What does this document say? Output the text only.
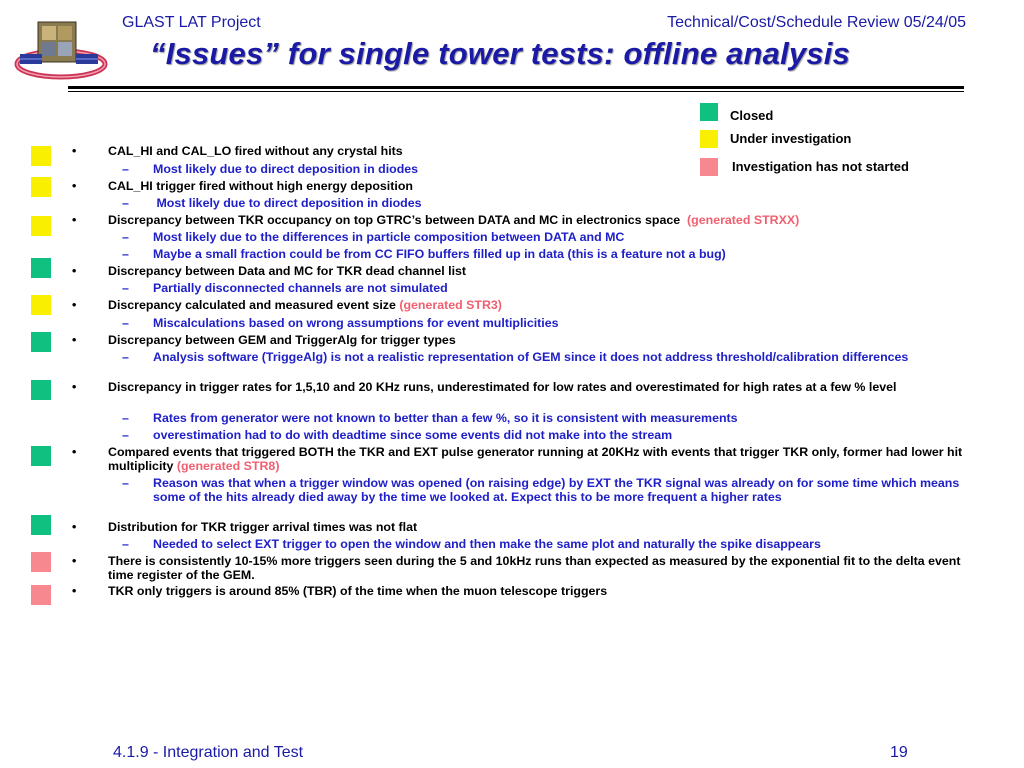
GLAST LAT Project	Technical/Cost/Schedule Review 05/24/05
“Issues” for single tower tests: offline analysis
Closed
Under investigation
Investigation has not started
•	CAL_HI and CAL_LO fired without any crystal hits
– Most likely due to direct deposition in diodes
•	CAL_HI trigger fired without high energy deposition
– Most likely due to direct deposition in diodes
•	Discrepancy between TKR occupancy on top GTRC’s between DATA and MC in electronics space (generated STRXX)
– Most likely due to the differences in particle composition between DATA and MC
– Maybe a small fraction could be from CC FIFO buffers filled up in data (this is a feature not a bug)
•	Discrepancy between Data and MC for TKR dead channel list
– Partially disconnected channels are not simulated
•	Discrepancy calculated and measured event size (generated STR3)
– Miscalculations based on wrong assumptions for event multiplicities
•	Discrepancy between GEM and TriggerAlg for trigger types
– Analysis software (TriggeAlg) is not a realistic representation of GEM since it does not address threshold/calibration differences
•	Discrepancy in trigger rates for 1,5,10 and 20 KHz runs, underestimated for low rates and overestimated for high rates at a few % level
– Rates from generator were not known to better than a few %, so it is consistent with measurements
– overestimation had to do with deadtime since some events did not make into the stream
•	Compared events that triggered BOTH the TKR and EXT pulse generator running at 20KHz with events that trigger TKR only, former had lower hit multiplicity (generated STR8)
– Reason was that when a trigger window was opened (on raising edge) by EXT the TKR signal was already on for some time which means some of the hits already died away by the time we looked at. Expect this to be more frequent a higher rates
•	Distribution for TKR trigger arrival times was not flat
– Needed to select EXT trigger to open the window and then make the same plot and naturally the spike disappears
•	There is consistently 10-15% more triggers seen during the 5 and 10kHz runs than expected as measured by the exponential fit to the delta event time register of the GEM.
•	TKR only triggers is around 85% (TBR) of the time when the muon telescope triggers
4.1.9 - Integration and Test	19
